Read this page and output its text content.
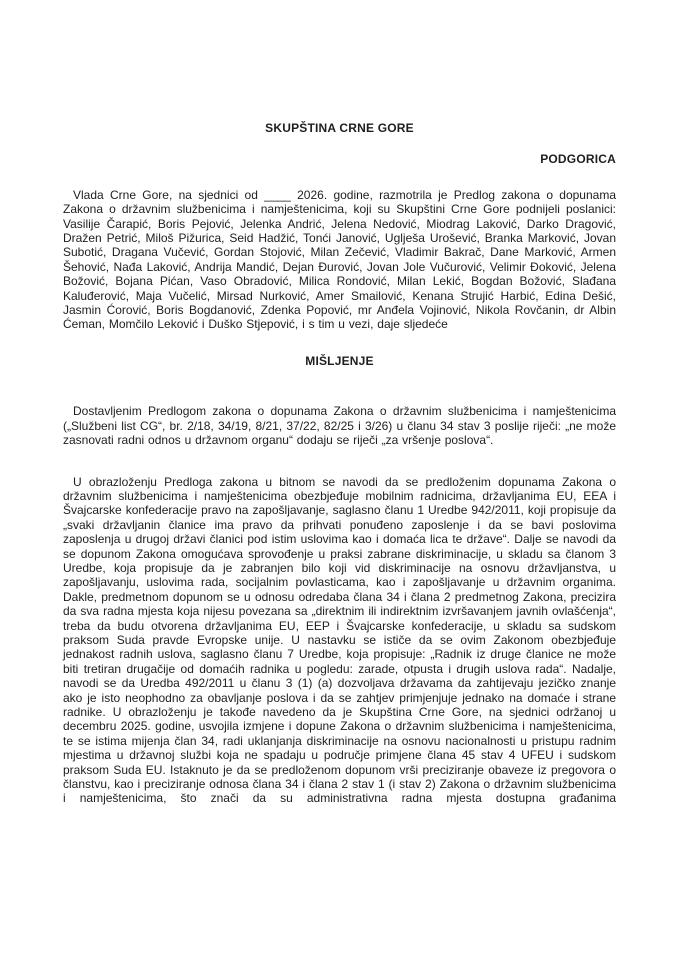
SKUPŠTINA CRNE GORE
PODGORICA

Vlada Crne Gore, na sjednici od ____ 2026. godine, razmotrila je Predlog zakona o dopunama Zakona o državnim službenicima i namještenicima, koji su Skupštini Crne Gore podnijeli poslanici: Vasilije Čarapić, Boris Pejović, Jelenka Andrić, Jelena Nedović, Miodrag Laković, Darko Dragović, Dražen Petrić, Miloš Pižurica, Seid Hadžić, Tonći Janović, Uglješa Urošević, Branka Marković, Jovan Subotić, Dragana Vučević, Gordan Stojović, Milan Zečević, Vladimir Bakrač, Dane Marković, Armen Šehović, Nađa Laković, Andrija Mandić, Dejan Đurović, Jovan Jole Vučurović, Velimir Đoković, Jelena Božović, Bojana Pićan, Vaso Obradović, Milica Rondović, Milan Lekić, Bogdan Božović, Slađana Kaluđerović, Maja Vučelić, Mirsad Nurković, Amer Smailović, Kenana Strujić Harbić, Edina Dešić, Jasmin Ćorović, Boris Bogdanović, Zdenka Popović, mr Anđela Vojinović, Nikola Rovčanin, dr Albin Ćeman, Momčilo Leković i Duško Stjepović, i s tim u vezi, daje sljedeće

MIŠLJENJE

Dostavljenim Predlogom zakona o dopunama Zakona o državnim službenicima i namještenicima („Službeni list CG“, br. 2/18, 34/19, 8/21, 37/22, 82/25 i 3/26) u članu 34 stav 3 poslije riječi: „ne može zasnovati radni odnos u državnom organu“ dodaju se riječi „za vršenje poslova“.

U obrazloženju Predloga zakona u bitnom se navodi da se predloženim dopunama Zakona o državnim službenicima i namještenicima obezbjeđuje mobilnim radnicima, državljanima EU, EEA i Švajcarske konfederacije pravo na zapošljavanje, saglasno članu 1 Uredbe 942/2011, koji propisuje da „svaki državljanin članice ima pravo da prihvati ponuđeno zaposlenje i da se bavi poslovima zaposlenja u drugoj državi članici pod istim uslovima kao i domaća lica te države“. Dalje se navodi da se dopunom Zakona omogućava sprovođenje u praksi zabrane diskriminacije, u skladu sa članom 3 Uredbe, koja propisuje da je zabranjen bilo koji vid diskriminacije na osnovu državljanstva, u zapošljavanju, uslovima rada, socijalnim povlasticama, kao i zapošljavanje u državnim organima. Dakle, predmetnom dopunom se u odnosu odredaba člana 34 i člana 2 predmetnog Zakona, precizira da sva radna mjesta koja nijesu povezana sa „direktnim ili indirektnim izvršavanjem javnih ovlašćenja“, treba da budu otvorena državljanima EU, EEP i Švajcarske konfederacije, u skladu sa sudskom praksom Suda pravde Evropske unije. U nastavku se ističe da se ovim Zakonom obezbjeđuje jednakost radnih uslova, saglasno članu 7 Uredbe, koja propisuje: „Radnik iz druge članice ne može biti tretiran drugačije od domaćih radnika u pogledu: zarade, otpusta i drugih uslova rada“. Nadalje, navodi se da Uredba 492/2011 u članu 3 (1) (a) dozvoljava državama da zahtijevaju jezičko znanje ako je isto neophodno za obavljanje poslova i da se zahtjev primjenjuje jednako na domaće i strane radnike. U obrazloženju je takođe navedeno da je Skupština Crne Gore, na sjednici održanoj u decembru 2025. godine, usvojila izmjene i dopune Zakona o državnim službenicima i namještenicima, te se istima mijenja član 34, radi uklanjanja diskriminacije na osnovu nacionalnosti u pristupu radnim mjestima u državnoj službi koja ne spadaju u područje primjene člana 45 stav 4 UFEU i sudskom praksom Suda EU. Istaknuto je da se predloženom dopunom vrši preciziranje obaveze iz pregovora o članstvu, kao i preciziranje odnosa člana 34 i člana 2 stav 1 (i stav 2) Zakona o državnim službenicima i namještenicima, što znači da su administrativna radna mjesta dostupna građanima
